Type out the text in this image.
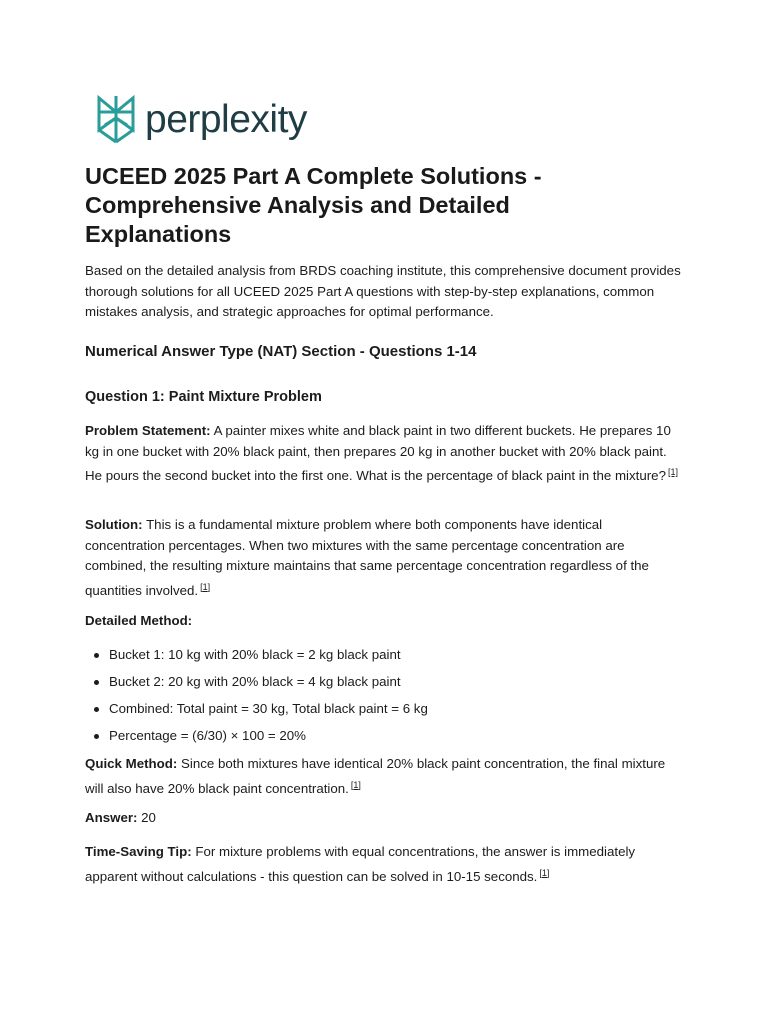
perplexity
UCEED 2025 Part A Complete Solutions - Comprehensive Analysis and Detailed Explanations

Based on the detailed analysis from BRDS coaching institute, this comprehensive document provides thorough solutions for all UCEED 2025 Part A questions with step-by-step explanations, common mistakes analysis, and strategic approaches for optimal performance.

Numerical Answer Type (NAT) Section - Questions 1-14
Question 1: Paint Mixture Problem

Problem Statement: A painter mixes white and black paint in two different buckets. He prepares 10 kg in one bucket with 20% black paint, then prepares 20 kg in another bucket with 20% black paint. He pours the second bucket into the first one. What is the percentage of black paint in the mixture? [1]

Solution: This is a fundamental mixture problem where both components have identical concentration percentages. When two mixtures with the same percentage concentration are combined, the resulting mixture maintains that same percentage concentration regardless of the quantities involved. [1]

Detailed Method:

Bucket 1: 10 kg with 20% black = 2 kg black paint
Bucket 2: 20 kg with 20% black = 4 kg black paint
Combined: Total paint = 30 kg, Total black paint = 6 kg
Percentage = (6/30) × 100 = 20%

Quick Method: Since both mixtures have identical 20% black paint concentration, the final mixture will also have 20% black paint concentration. [1]

Answer: 20

Time-Saving Tip: For mixture problems with equal concentrations, the answer is immediately apparent without calculations - this question can be solved in 10-15 seconds. [1]
